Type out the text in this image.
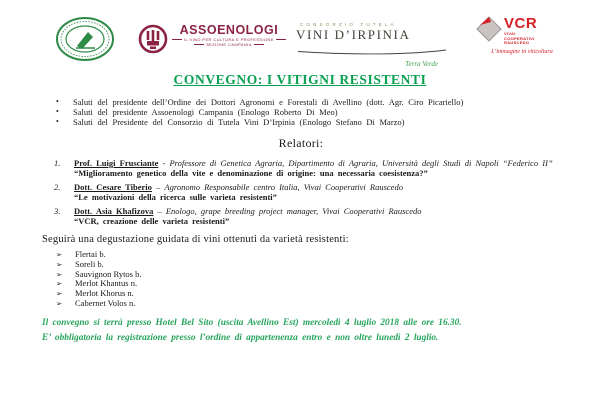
ASSOENOLOGI
IL VINO PER CULTURA E PROFESSIONE
SEZIONE CAMPANIA
CONSORZIO TUTELA
VINI D’IRPINIA
Terra Verde
VCR
VIVAI
COOPERATIVI
RAUSCEDO
L’immagine in viticoltura
CONVEGNO: I VITIGNI RESISTENTI
•	Saluti del presidente dell’Ordine dei Dottori Agronomi e Forestali di Avellino (dott. Agr. Ciro Picariello)
•	Saluti del presidente Assoenologi Campania (Enologo Roberto Di Meo)
•	Saluti del Presidente del Consorzio di Tutela Vini D’Irpinia (Enologo Stefano Di Marzo)
Relatori:
1.	Prof. Luigi Frusciante - Professore di Genetica Agraria, Dipartimento di Agraria, Università degli Studi di Napoli “Federico II”
“Miglioramento genetico della vite e denominazione di origine: una necessaria coesistenza?”
2.	Dott. Cesare Tiberio – Agronomo Responsabile centro Italia, Vivai Cooperativi Rauscedo
“Le motivazioni della ricerca sulle varieta resistenti”
3.	Dott. Asia Khafizova – Enologo, grape breeding project manager, Vivai Cooperativi Rauscedo
“VCR, creazione delle varieta resistenti”
Seguirà una degustazione guidata di vini ottenuti da varietà resistenti:
➢	Flertai b.
➢	Soreli b.
➢	Sauvignon Rytos b.
➢	Merlot Khantus n.
➢	Merlot Khorus n.
➢	Cabernet Volos n.

Il convegno si terrà presso Hotel Bel Sito (uscita Avellino Est) mercoledì 4 luglio 2018 alle ore 16.30.

E’ obbligatoria la registrazione presso l’ordine di appartenenza entro e non oltre lunedì 2 luglio.
